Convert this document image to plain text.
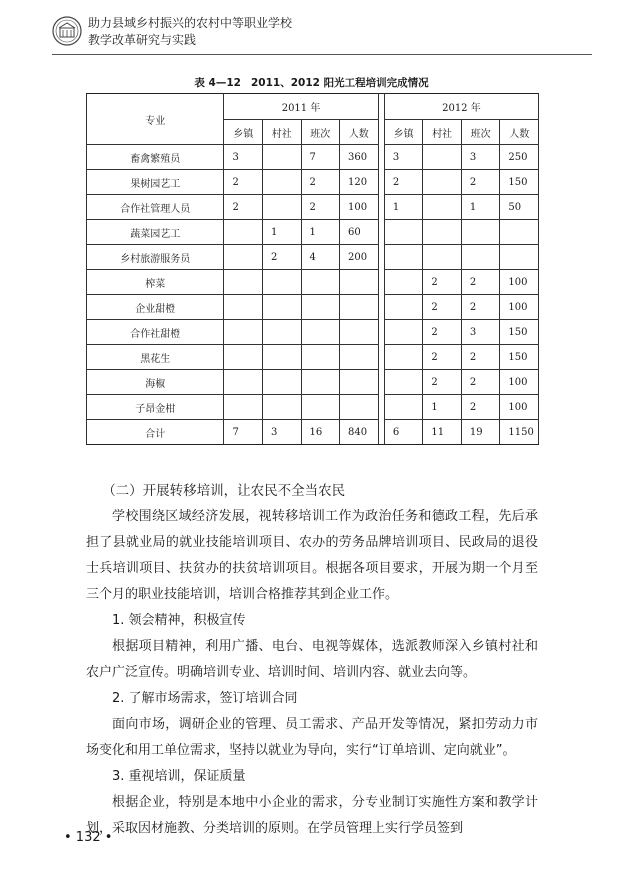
助力县域乡村振兴的农村中等职业学校
教学改革研究与实践
表 4—12 2011、2012 阳光工程培训完成情况
专业	2011 年					2012 年			
	乡镇	村社	班次	人数		乡镇	村社	班次	人数
畜禽繁殖员	3		7	360		3		3	250
果树园艺工	2		2	120		2		2	150
合作社管理人员	2		2	100		1		1	50
蔬菜园艺工		1	1	60					
乡村旅游服务员		2	4	200					
榨菜							2	2	100
企业甜橙							2	2	100
合作社甜橙							2	3	150
黑花生							2	2	150
海椒							2	2	100
子昂金柑							1	2	100
合计	7	3	16	840		6	11	19	1150

（二）开展转移培训，让农民不全当农民

学校围绕区域经济发展，视转移培训工作为政治任务和德政工程，先后承担了县就业局的就业技能培训项目、农办的劳务品牌培训项目、民政局的退役士兵培训项目、扶贫办的扶贫培训项目。根据各项目要求，开展为期一个月至三个月的职业技能培训，培训合格推荐其到企业工作。

1. 领会精神，积极宣传

根据项目精神，利用广播、电台、电视等媒体，选派教师深入乡镇村社和农户广泛宣传。明确培训专业、培训时间、培训内容、就业去向等。

2. 了解市场需求，签订培训合同

面向市场，调研企业的管理、员工需求、产品开发等情况，紧扣劳动力市场变化和用工单位需求，坚持以就业为导向，实行“订单培训、定向就业”。

3. 重视培训，保证质量

根据企业，特别是本地中小企业的需求，分专业制订实施性方案和教学计划，采取因材施教、分类培训的原则。在学员管理上实行学员签到

• 132 •
